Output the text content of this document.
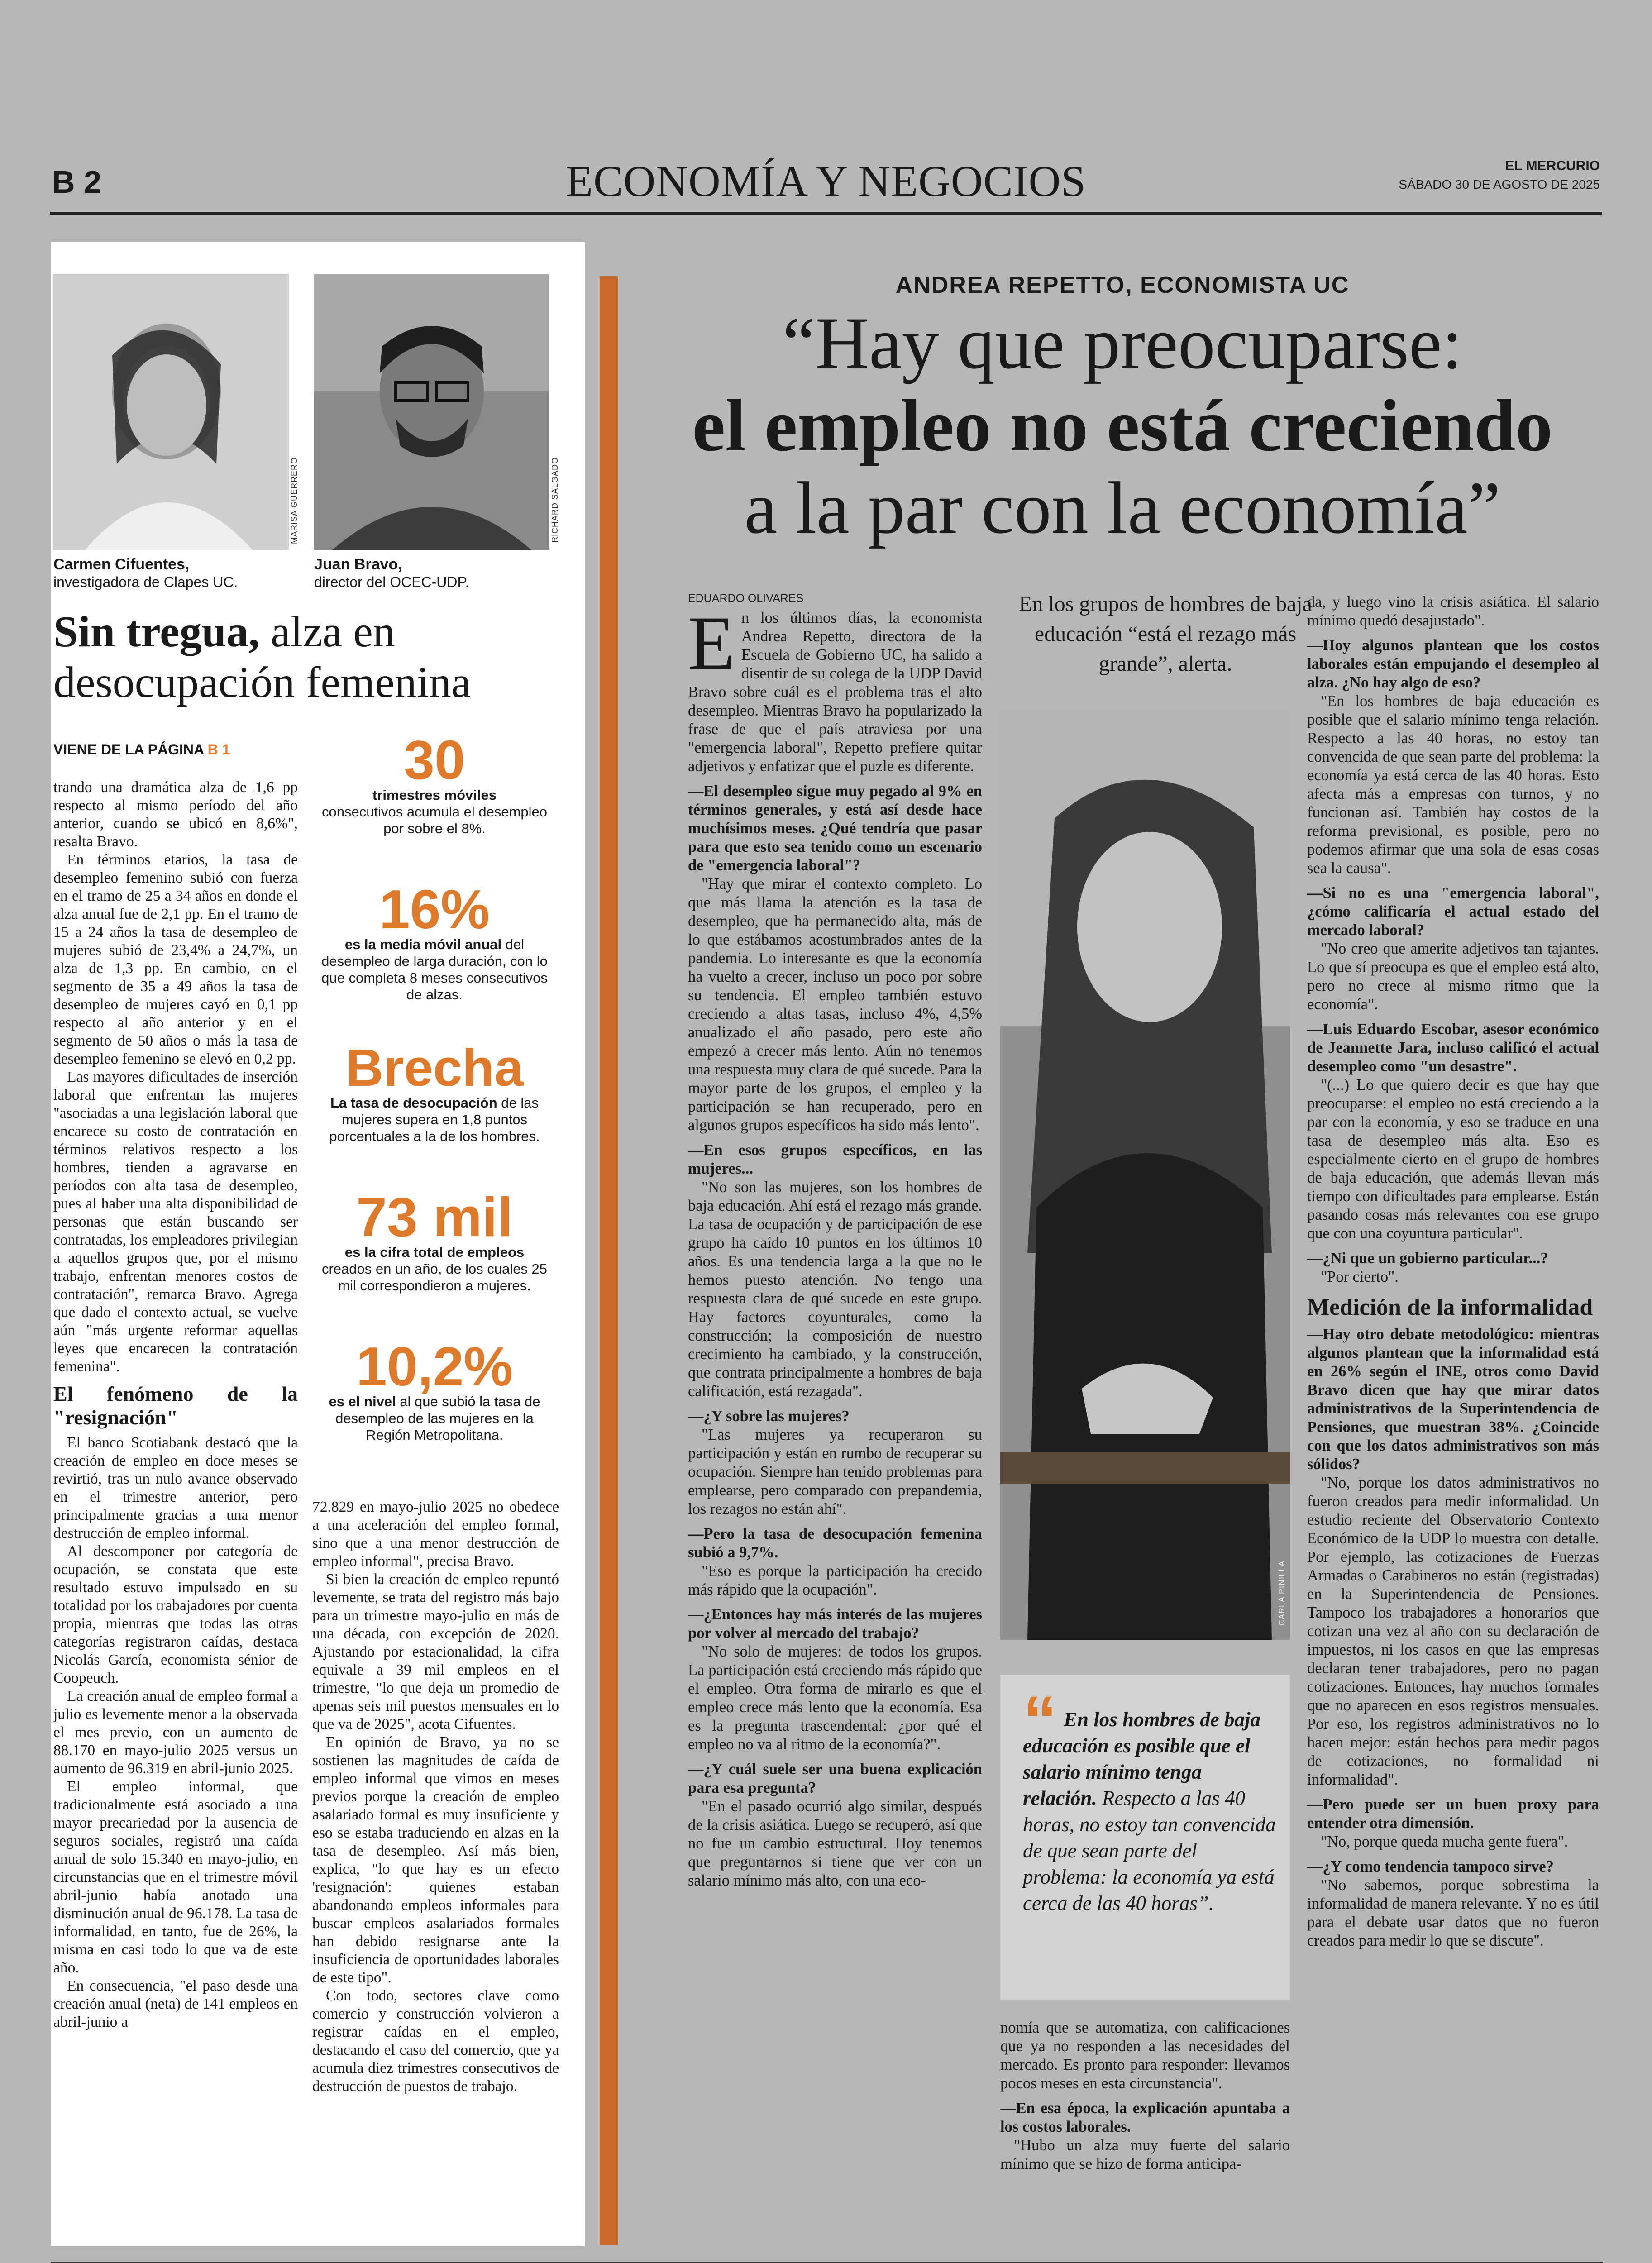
B 2	ECONOMÍA Y NEGOCIOS	EL MERCURIO
SÁBADO 30 DE AGOSTO DE 2025
MARISA GUERRERO	RICHARD SALGADO
Carmen Cifuentes,
investigadora de Clapes UC.
Juan Bravo,
director del OCEC-UDP.
Sin tregua, alza en desocupación femenina
VIENE DE LA PÁGINA B 1

trando una dramática alza de 1,6 pp respecto al mismo período del año anterior, cuando se ubicó en 8,6%", resalta Bravo.

En términos etarios, la tasa de desempleo femenino subió con fuerza en el tramo de 25 a 34 años en donde el alza anual fue de 2,1 pp. En el tramo de 15 a 24 años la tasa de desempleo de mujeres subió de 23,4% a 24,7%, un alza de 1,3 pp. En cambio, en el segmento de 35 a 49 años la tasa de desempleo de mujeres cayó en 0,1 pp respecto al año anterior y en el segmento de 50 años o más la tasa de desempleo femenino se elevó en 0,2 pp.

Las mayores dificultades de inserción laboral que enfrentan las mujeres "asociadas a una legislación laboral que encarece su costo de contratación en términos relativos respecto a los hombres, tienden a agravarse en períodos con alta tasa de desempleo, pues al haber una alta disponibilidad de personas que están buscando ser contratadas, los empleadores privilegian a aquellos grupos que, por el mismo trabajo, enfrentan menores costos de contratación", remarca Bravo. Agrega que dado el contexto actual, se vuelve aún "más urgente reformar aquellas leyes que encarecen la contratación femenina".

El fenómeno de la "resignación"

El banco Scotiabank destacó que la creación de empleo en doce meses se revirtió, tras un nulo avance observado en el trimestre anterior, pero principalmente gracias a una menor destrucción de empleo informal.

Al descomponer por categoría de ocupación, se constata que este resultado estuvo impulsado en su totalidad por los trabajadores por cuenta propia, mientras que todas las otras categorías registraron caídas, destaca Nicolás García, economista sénior de Coopeuch.

La creación anual de empleo formal a julio es levemente menor a la observada el mes previo, con un aumento de 88.170 en mayo-julio 2025 versus un aumento de 96.319 en abril-junio 2025.

El empleo informal, que tradicionalmente está asociado a una mayor precariedad por la ausencia de seguros sociales, registró una caída anual de solo 15.340 en mayo-julio, en circunstancias que en el trimestre móvil abril-junio había anotado una disminución anual de 96.178. La tasa de informalidad, en tanto, fue de 26%, la misma en casi todo lo que va de este año.

En consecuencia, "el paso desde una creación anual (neta) de 141 empleos en abril-junio a

30
trimestres móviles
consecutivos acumula el desempleo por sobre el 8%.
16%
es la media móvil anual del desempleo de larga duración, con lo que completa 8 meses consecutivos de alzas.
Brecha
La tasa de desocupación de las mujeres supera en 1,8 puntos porcentuales a la de los hombres.
73 mil
es la cifra total de empleos
creados en un año, de los cuales 25 mil correspondieron a mujeres.
10,2%
es el nivel al que subió la tasa de desempleo de las mujeres en la Región Metropolitana.

72.829 en mayo-julio 2025 no obedece a una aceleración del empleo formal, sino que a una menor destrucción de empleo informal", precisa Bravo.

Si bien la creación de empleo repuntó levemente, se trata del registro más bajo para un trimestre mayo-julio en más de una década, con excepción de 2020. Ajustando por estacionalidad, la cifra equivale a 39 mil empleos en el trimestre, "lo que deja un promedio de apenas seis mil puestos mensuales en lo que va de 2025", acota Cifuentes.

En opinión de Bravo, ya no se sostienen las magnitudes de caída de empleo informal que vimos en meses previos porque la creación de empleo asalariado formal es muy insuficiente y eso se estaba traduciendo en alzas en la tasa de desempleo. Así más bien, explica, "lo que hay es un efecto 'resignación': quienes estaban abandonando empleos informales para buscar empleos asalariados formales han debido resignarse ante la insuficiencia de oportunidades laborales de este tipo".

Con todo, sectores clave como comercio y construcción volvieron a registrar caídas en el empleo, destacando el caso del comercio, que ya acumula diez trimestres consecutivos de destrucción de puestos de trabajo.

ANDREA REPETTO, ECONOMISTA UC
“Hay que preocuparse:
el empleo no está creciendo
a la par con la economía”
EDUARDO OLIVARES

En los últimos días, la economista Andrea Repetto, directora de la Escuela de Gobierno UC, ha salido a disentir de su colega de la UDP David Bravo sobre cuál es el problema tras el alto desempleo. Mientras Bravo ha popularizado la frase de que el país atraviesa por una "emergencia laboral", Repetto prefiere quitar adjetivos y enfatizar que el puzle es diferente.

—El desempleo sigue muy pegado al 9% en términos generales, y está así desde hace muchísimos meses. ¿Qué tendría que pasar para que esto sea tenido como un escenario de "emergencia laboral"?

"Hay que mirar el contexto completo. Lo que más llama la atención es la tasa de desempleo, que ha permanecido alta, más de lo que estábamos acostumbrados antes de la pandemia. Lo interesante es que la economía ha vuelto a crecer, incluso un poco por sobre su tendencia. El empleo también estuvo creciendo a altas tasas, incluso 4%, 4,5% anualizado el año pasado, pero este año empezó a crecer más lento. Aún no tenemos una respuesta muy clara de qué sucede. Para la mayor parte de los grupos, el empleo y la participación se han recuperado, pero en algunos grupos específicos ha sido más lento".

—En esos grupos específicos, en las mujeres...

"No son las mujeres, son los hombres de baja educación. Ahí está el rezago más grande. La tasa de ocupación y de participación de ese grupo ha caído 10 puntos en los últimos 10 años. Es una tendencia larga a la que no le hemos puesto atención. No tengo una respuesta clara de qué sucede en este grupo. Hay factores coyunturales, como la construcción; la composición de nuestro crecimiento ha cambiado, y la construcción, que contrata principalmente a hombres de baja calificación, está rezagada".

—¿Y sobre las mujeres?

"Las mujeres ya recuperaron su participación y están en rumbo de recuperar su ocupación. Siempre han tenido problemas para emplearse, pero comparado con prepandemia, los rezagos no están ahí".

—Pero la tasa de desocupación femenina subió a 9,7%.

"Eso es porque la participación ha crecido más rápido que la ocupación".

—¿Entonces hay más interés de las mujeres por volver al mercado del trabajo?

"No solo de mujeres: de todos los grupos. La participación está creciendo más rápido que el empleo. Otra forma de mirarlo es que el empleo crece más lento que la economía. Esa es la pregunta trascendental: ¿por qué el empleo no va al ritmo de la economía?".

—¿Y cuál suele ser una buena explicación para esa pregunta?

"En el pasado ocurrió algo similar, después de la crisis asiática. Luego se recuperó, así que no fue un cambio estructural. Hoy tenemos que preguntarnos si tiene que ver con un salario mínimo más alto, con una eco-

En los grupos de hombres de baja educación “está el rezago más grande”, alerta.
CARLA PINILLA
“ En los hombres de baja educación es posible que el salario mínimo tenga relación. Respecto a las 40 horas, no estoy tan convencida de que sean parte del problema: la economía ya está cerca de las 40 horas”.

nomía que se automatiza, con calificaciones que ya no responden a las necesidades del mercado. Es pronto para responder: llevamos pocos meses en esta circunstancia".

—En esa época, la explicación apuntaba a los costos laborales.

"Hubo un alza muy fuerte del salario mínimo que se hizo de forma anticipa-

da, y luego vino la crisis asiática. El salario mínimo quedó desajustado".

—Hoy algunos plantean que los costos laborales están empujando el desempleo al alza. ¿No hay algo de eso?

"En los hombres de baja educación es posible que el salario mínimo tenga relación. Respecto a las 40 horas, no estoy tan convencida de que sean parte del problema: la economía ya está cerca de las 40 horas. Esto afecta más a empresas con turnos, y no funcionan así. También hay costos de la reforma previsional, es posible, pero no podemos afirmar que una sola de esas cosas sea la causa".

—Si no es una "emergencia laboral", ¿cómo calificaría el actual estado del mercado laboral?

"No creo que amerite adjetivos tan tajantes. Lo que sí preocupa es que el empleo está alto, pero no crece al mismo ritmo que la economía".

—Luis Eduardo Escobar, asesor económico de Jeannette Jara, incluso calificó el actual desempleo como "un desastre".

"(...) Lo que quiero decir es que hay que preocuparse: el empleo no está creciendo a la par con la economía, y eso se traduce en una tasa de desempleo más alta. Eso es especialmente cierto en el grupo de hombres de baja educación, que además llevan más tiempo con dificultades para emplearse. Están pasando cosas más relevantes con ese grupo que con una coyuntura particular".

—¿Ni que un gobierno particular...?

"Por cierto".

Medición de la informalidad

—Hay otro debate metodológico: mientras algunos plantean que la informalidad está en 26% según el INE, otros como David Bravo dicen que hay que mirar datos administrativos de la Superintendencia de Pensiones, que muestran 38%. ¿Coincide con que los datos administrativos son más sólidos?

"No, porque los datos administrativos no fueron creados para medir informalidad. Un estudio reciente del Observatorio Contexto Económico de la UDP lo muestra con detalle. Por ejemplo, las cotizaciones de Fuerzas Armadas o Carabineros no están (registradas) en la Superintendencia de Pensiones. Tampoco los trabajadores a honorarios que cotizan una vez al año con su declaración de impuestos, ni los casos en que las empresas declaran tener trabajadores, pero no pagan cotizaciones. Entonces, hay muchos formales que no aparecen en esos registros mensuales. Por eso, los registros administrativos no lo hacen mejor: están hechos para medir pagos de cotizaciones, no formalidad ni informalidad".

—Pero puede ser un buen proxy para entender otra dimensión.

"No, porque queda mucha gente fuera".

—¿Y como tendencia tampoco sirve?

"No sabemos, porque sobrestima la informalidad de manera relevante. Y no es útil para el debate usar datos que no fueron creados para medir lo que se discute".
